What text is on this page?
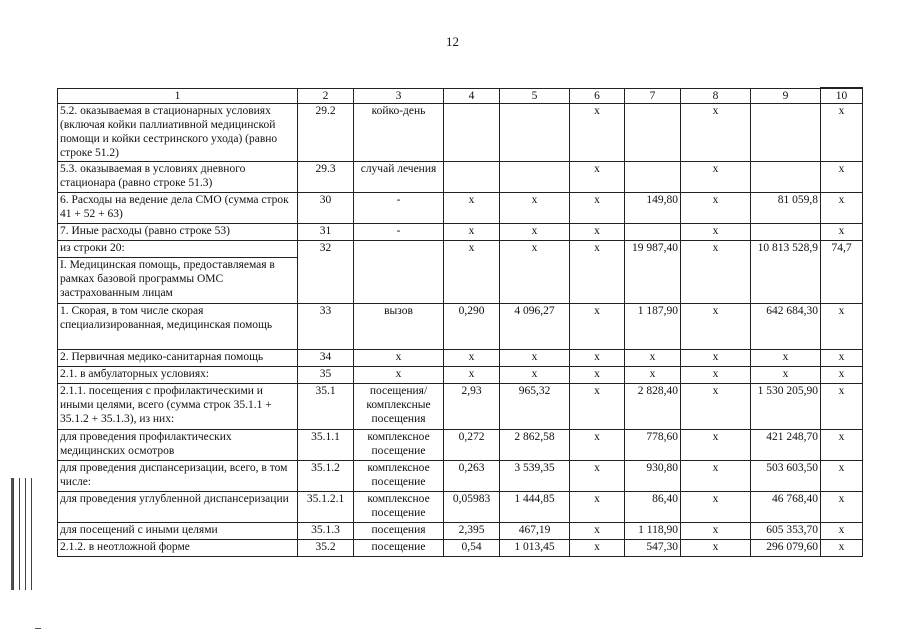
12
1	2	3	4	5	6	7	8	9	10
5.2. оказываемая в стационарных условиях (включая койки паллиативной медицинской помощи и койки сестринского ухода) (равно строке 51.2)	29.2	койко-день			х		х		х
5.3. оказываемая в условиях дневного стационара (равно строке 51.3)	29.3	случай лечения			х		х		х
6. Расходы на ведение дела СМО (сумма строк 41 + 52 + 63)	30	-	х	х	х	149,80	х	81 059,8	х
7. Иные расходы (равно строке 53)	31	-	х	х	х		х		х
из строки 20:	32		х	х	х	19 987,40	х	10 813 528,9	74,7
I. Медицинская помощь, предоставляемая в рамках базовой программы ОМС застрахованным лицам									
1. Скорая, в том числе скорая специализированная, медицинская помощь	33	вызов	0,290	4 096,27	х	1 187,90	х	642 684,30	х
2. Первичная медико-санитарная помощь	34	х	х	х	х	х	х	х	х
2.1. в амбулаторных условиях:	35	х	х	х	х	х	х	х	х
2.1.1. посещения с профилактическими и иными целями, всего (сумма строк 35.1.1 + 35.1.2 + 35.1.3), из них:	35.1	посещения/ комплексные посещения	2,93	965,32	х	2 828,40	х	1 530 205,90	х
для проведения профилактических медицинских осмотров	35.1.1	комплексное посещение	0,272	2 862,58	х	778,60	х	421 248,70	х
для проведения диспансеризации, всего, в том числе:	35.1.2	комплексное посещение	0,263	3 539,35	х	930,80	х	503 603,50	х
для проведения углубленной диспансеризации	35.1.2.1	комплексное посещение	0,05983	1 444,85	х	86,40	х	46 768,40	х
для посещений с иными целями	35.1.3	посещения	2,395	467,19	х	1 118,90	х	605 353,70	х
2.1.2. в неотложной форме	35.2	посещение	0,54	1 013,45	х	547,30	х	296 079,60	х
